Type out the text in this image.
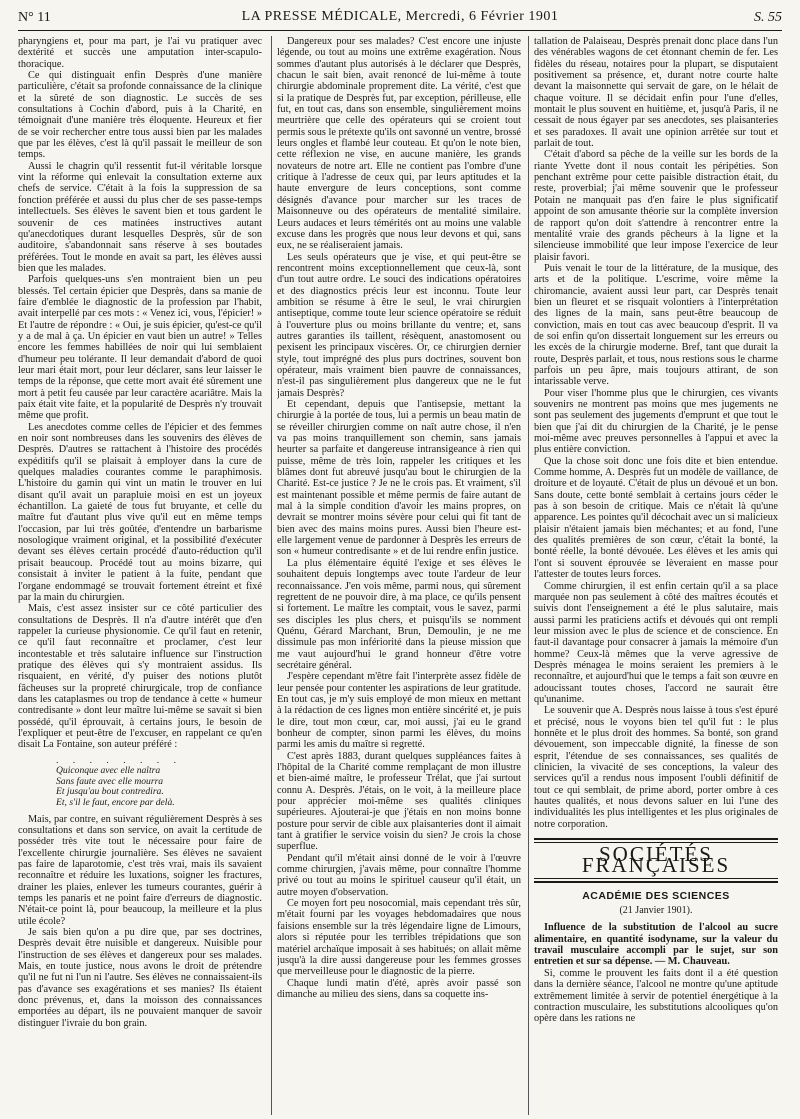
N° 11	LA PRESSE MÉDICALE, Mercredi, 6 Février 1901	S. 55

pharyngiens et, pour ma part, je l'ai vu pratiquer avec dextérité et succès une amputation inter-scapulo-thoracique.

Ce qui distinguait enfin Desprès d'une manière particulière, c'était sa profonde connaissance de la clinique et la sûreté de son diagnostic. Le succès de ses consultations à Cochin d'abord, puis à la Charité, en témoignait d'une manière très éloquente. Heureux et fier de se voir rechercher entre tous aussi bien par les malades que par les élèves, c'est là qu'il passait le meilleur de son temps.

Aussi le chagrin qu'il ressentit fut-il véritable lorsque vint la réforme qui enlevait la consultation externe aux chefs de service. C'était à la fois la suppression de sa fonction préférée et aussi du plus cher de ses passe-temps intellectuels. Ses élèves le savent bien et tous gardent le souvenir de ces matinées instructives autant qu'anecdotiques durant lesquelles Desprès, sûr de son auditoire, s'abandonnait sans réserve à ses boutades préférées. Tout le monde en avait sa part, les élèves aussi bien que les malades.

Parfois quelques-uns s'en montraient bien un peu blessés. Tel certain épicier que Desprès, dans sa manie de faire d'emblée le diagnostic de la profession par l'habit, avait interpellé par ces mots : « Venez ici, vous, l'épicier! » Et l'autre de répondre : « Oui, je suis épicier, qu'est-ce qu'il y a de mal à ça. Un épicier en vaut bien un autre! » Telles encore les femmes habillées de noir qui lui semblaient d'humeur peu tolérante. Il leur demandait d'abord de quoi leur mari était mort, pour leur déclarer, sans leur laisser le temps de la réponse, que cette mort avait été sûrement une mort à petit feu causée par leur caractère acariâtre. Mais la paix était vite faite, et la popularité de Desprès n'y trouvait même que profit.

Les anecdotes comme celles de l'épicier et des femmes en noir sont nombreuses dans les souvenirs des élèves de Desprès. D'autres se rattachent à l'histoire des procédés expéditifs qu'il se plaisait à employer dans la cure de quelques maladies courantes comme le paraphimosis. L'histoire du gamin qui vint un matin le trouver en lui disant qu'il avait un parapluie moisi en est un joyeux échantillon. La gaieté de tous fut bruyante, et celle du maître fut d'autant plus vive qu'il eut en même temps l'occasion, par lui très goûtée, d'entendre un barbarisme nosologique vraiment original, et la possibilité d'exécuter devant ses élèves certain procédé d'auto-réduction qu'il prisait beaucoup. Procédé tout au moins bizarre, qui consistait à inviter le patient à la fuite, pendant que l'organe endommagé se trouvait fortement étreint et fixé par la main du chirurgien.

Mais, c'est assez insister sur ce côté particulier des consultations de Desprès. Il n'a d'autre intérêt que d'en rappeler la curieuse physionomie. Ce qu'il faut en retenir, ce qu'il faut reconnaître et proclamer, c'est leur incontestable et très salutaire influence sur l'instruction pratique des élèves qui s'y montraient assidus. Ils risquaient, en vérité, d'y puiser des notions plutôt fâcheuses sur la propreté chirurgicale, trop de confiance dans les cataplasmes ou trop de tendance à cette « humeur contredisante » dont leur maître lui-même se savait si bien possédé, qu'il éprouvait, à certains jours, le besoin de l'expliquer et peut-être de l'excuser, en rappelant ce qu'en disait La Fontaine, son auteur préféré :

. . . . . . . .
Quiconque avec elle naîtra
Sans faute avec elle mourra
Et jusqu'au bout contredira.
Et, s'il le faut, encore par delà.

Mais, par contre, en suivant régulièrement Desprès à ses consultations et dans son service, on avait la certitude de posséder très vite tout le nécessaire pour faire de l'excellente chirurgie journalière. Ses élèves ne savaient pas faire de laparotomie, c'est très vrai, mais ils savaient reconnaître et réduire les luxations, soigner les fractures, drainer les plaies, enlever les tumeurs courantes, guérir à temps les panaris et ne point faire d'erreurs de diagnostic. N'était-ce point là, pour beaucoup, la meilleure et la plus utile école?

Je sais bien qu'on a pu dire que, par ses doctrines, Desprès devait être nuisible et dangereux. Nuisible pour l'instruction de ses élèves et dangereux pour ses malades. Mais, en toute justice, nous avons le droit de prétendre qu'il ne fut ni l'un ni l'autre. Ses élèves ne connaissaient-ils pas d'avance ses exagérations et ses manies? Ils étaient donc prévenus, et, dans la moisson des connaissances emportées au départ, ils ne pouvaient manquer de savoir distinguer l'ivraie du bon grain.

Dangereux pour ses malades? C'est encore une injuste légende, ou tout au moins une extrême exagération. Nous sommes d'autant plus autorisés à le déclarer que Desprès, chacun le sait bien, avait renoncé de lui-même à toute chirurgie abdominale proprement dite. La vérité, c'est que si la pratique de Desprès fut, par exception, périlleuse, elle fut, en tout cas, dans son ensemble, singulièrement moins meurtrière que celle des opérateurs qui se croient tout permis sous le prétexte qu'ils ont savonné un ventre, brossé leurs ongles et flambé leur couteau. Et qu'on le note bien, cette réflexion ne vise, en aucune manière, les grands novateurs de notre art. Elle ne contient pas l'ombre d'une critique à l'adresse de ceux qui, par leurs aptitudes et la haute envergure de leurs conceptions, sont comme désignés d'avance pour marcher sur les traces de Maisonneuve ou des opérateurs de mentalité similaire. Leurs audaces et leurs témérités ont au moins une valable excuse dans les progrès que nous leur devons et qui, sans eux, ne se réaliseraient jamais.

Les seuls opérateurs que je vise, et qui peut-être se rencontrent moins exceptionnellement que ceux-là, sont d'un tout autre ordre. Le souci des indications opératoires et des diagnostics précis leur est inconnu. Toute leur ambition se résume à être le seul, le vrai chirurgien antiseptique, comme toute leur science opératoire se réduit à l'ouverture plus ou moins brillante du ventre; et, sans autres garanties ils taillent, résèquent, anastomosent ou pexisent les principaux viscères. Or, ce chirurgien dernier style, tout imprégné des plus purs doctrines, souvent bon opérateur, mais vraiment bien pauvre de connaissances, n'est-il pas singulièrement plus dangereux que ne le fut jamais Desprès?

Et cependant, depuis que l'antisepsie, mettant la chirurgie à la portée de tous, lui a permis un beau matin de se réveiller chirurgien comme on naît autre chose, il n'en va pas moins tranquillement son chemin, sans jamais heurter sa parfaite et dangereuse intransigeance à rien qui puisse, même de très loin, rappeler les critiques et les blâmes dont fut abreuvé jusqu'au bout le chirurgien de la Charité. Est-ce justice ? Je ne le crois pas. Et vraiment, s'il est maintenant possible et même permis de faire autant de mal à la simple condition d'avoir les mains propres, on devrait se montrer moins sévère pour celui qui fit tant de bien avec des mains moins pures. Aussi bien l'heure est-elle largement venue de pardonner à Desprès les erreurs de son « humeur contredisante » et de lui rendre enfin justice.

La plus élémentaire équité l'exige et ses élèves le souhaitent depuis longtemps avec toute l'ardeur de leur reconnaissance. J'en vois même, parmi nous, qui sûrement regrettent de ne pouvoir dire, à ma place, ce qu'ils pensent si fortement. Le maître les comptait, vous le savez, parmi ses disciples les plus chers, et puisqu'ils se nomment Quénu, Gérard Marchant, Brun, Demoulin, je ne me dissimule pas mon infériorité dans la pieuse mission que me vaut aujourd'hui le grand honneur d'être votre secrétaire général.

J'espère cependant m'être fait l'interprète assez fidèle de leur pensée pour contenter les aspirations de leur gratitude. En tout cas, je m'y suis employé de mon mieux en mettant à la rédaction de ces lignes mon entière sincérité et, je puis le dire, tout mon cœur, car, moi aussi, j'ai eu le grand bonheur de compter, sinon parmi les élèves, du moins parmi les amis du maître si regretté.

C'est après 1883, durant quelques suppléances faites à l'hôpital de la Charité comme remplaçant de mon illustre et bien-aimé maître, le professeur Trélat, que j'ai surtout connu A. Desprès. J'étais, on le voit, à la meilleure place pour apprécier moi-même ses qualités cliniques supérieures. Ajouterai-je que j'étais en non moins bonne posture pour servir de cible aux plaisanteries dont il aimait tant à gratifier le service voisin du sien? Je crois la chose superflue.

Pendant qu'il m'était ainsi donné de le voir à l'œuvre comme chirurgien, j'avais même, pour connaître l'homme privé ou tout au moins le spirituel causeur qu'il était, un autre moyen d'observation.

Ce moyen fort peu nosocomial, mais cependant très sûr, m'était fourni par les voyages hebdomadaires que nous faisions ensemble sur la très légendaire ligne de Limours, alors si réputée pour les terribles trépidations que son matériel archaïque imposait à ses habitués; on allait même jusqu'à la dire aussi dangereuse pour les femmes grosses que merveilleuse pour le diagnostic de la pierre.

Chaque lundi matin d'été, après avoir passé son dimanche au milieu des siens, dans sa coquette ins-

tallation de Palaiseau, Desprès prenait donc place dans l'un des vénérables wagons de cet étonnant chemin de fer. Les fidèles du réseau, notaires pour la plupart, se disputaient positivement sa présence, et, durant notre courte halte devant la maisonnette qui servait de gare, on le hélait de chaque voiture. Il se décidait enfin pour l'une d'elles, montait le plus souvent en huitième, et, jusqu'à Paris, il ne cessait de nous égayer par ses anecdotes, ses plaisanteries et ses paradoxes. Il avait une opinion arrêtée sur tout et parlait de tout.

C'était d'abord sa pêche de la veille sur les bords de la riante Yvette dont il nous contait les péripéties. Son penchant extrême pour cette paisible distraction était, du reste, proverbial; j'ai même souvenir que le professeur Potain ne manquait pas d'en faire le plus significatif appoint de son amusante théorie sur la complète inversion de rapport qu'on doit s'attendre à rencontrer entre la mentalité vraie des grands pêcheurs à la ligne et la silencieuse immobilité que leur impose l'exercice de leur plaisir favori.

Puis venait le tour de la littérature, de la musique, des arts et de la politique. L'escrime, voire même la chiromancie, avaient aussi leur part, car Desprès tenait bien un fleuret et se risquait volontiers à l'interprétation des lignes de la main, sans peut-être beaucoup de conviction, mais en tout cas avec beaucoup d'esprit. Il va de soi enfin qu'on dissertait longuement sur les erreurs ou les excès de la chirurgie moderne. Bref, tant que durait la route, Desprès parlait, et tous, nous restions sous le charme parfois un peu âpre, mais toujours attirant, de son intarissable verve.

Pour viser l'homme plus que le chirurgien, ces vivants souvenirs ne montrent pas moins que mes jugements ne sont pas seulement des jugements d'emprunt et que tout le bien que j'ai dit du chirurgien de la Charité, je le pense moi-même avec preuves personnelles à l'appui et avec la plus entière conviction.

Que la chose soit donc une fois dite et bien entendue. Comme homme, A. Desprès fut un modèle de vaillance, de droiture et de loyauté. C'était de plus un dévoué et un bon. Sans doute, cette bonté semblait à certains jours céder le pas à son besoin de critique. Mais ce n'était là qu'une apparence. Les pointes qu'il décochait avec un si malicieux plaisir n'étaient jamais bien méchantes; et au fond, l'une des qualités premières de son cœur, c'était la bonté, la bonté réelle, la bonté dévouée. Les élèves et les amis qui l'ont si souvent éprouvée se lèveraient en masse pour l'attester de toutes leurs forces.

Comme chirurgien, il est enfin certain qu'il a sa place marquée non pas seulement à côté des maîtres écoutés et suivis dont l'enseignement a été le plus salutaire, mais aussi parmi les praticiens actifs et dévoués qui ont rempli leur mission avec le plus de science et de conscience. En faut-il davantage pour consacrer à jamais la mémoire d'un homme? Ceux-là mêmes que la verve agressive de Desprès ménagea le moins seraient les premiers à le reconnaître, et aujourd'hui que le temps a fait son œuvre en adoucissant toutes choses, l'accord ne saurait être qu'unanime.

Le souvenir que A. Desprès nous laisse à tous s'est épuré et précisé, nous le voyons bien tel qu'il fut : le plus honnête et le plus droit des hommes. Sa bonté, son grand dévouement, son impeccable dignité, la finesse de son esprit, l'étendue de ses connaissances, ses qualités de clinicien, la vivacité de ses conceptions, la valeur des services qu'il a rendus nous imposent l'oubli définitif de tout ce qui semblait, de prime abord, porter ombre à ces hautes qualités, et nous devons saluer en lui l'une des individualités les plus intelligentes et les plus originales de notre corporation.

SOCIÉTÉS FRANÇAISES
ACADÉMIE DES SCIENCES
(21 Janvier 1901).

Influence de la substitution de l'alcool au sucre alimentaire, en quantité isodyname, sur la valeur du travail musculaire accompli par le sujet, sur son entretien et sur sa dépense. — M. Chauveau.

Si, comme le prouvent les faits dont il a été question dans la dernière séance, l'alcool ne montre qu'une aptitude extrêmement limitée à servir de potentiel énergétique à la contraction musculaire, les substitutions alcooliques qu'on opère dans les rations ne
